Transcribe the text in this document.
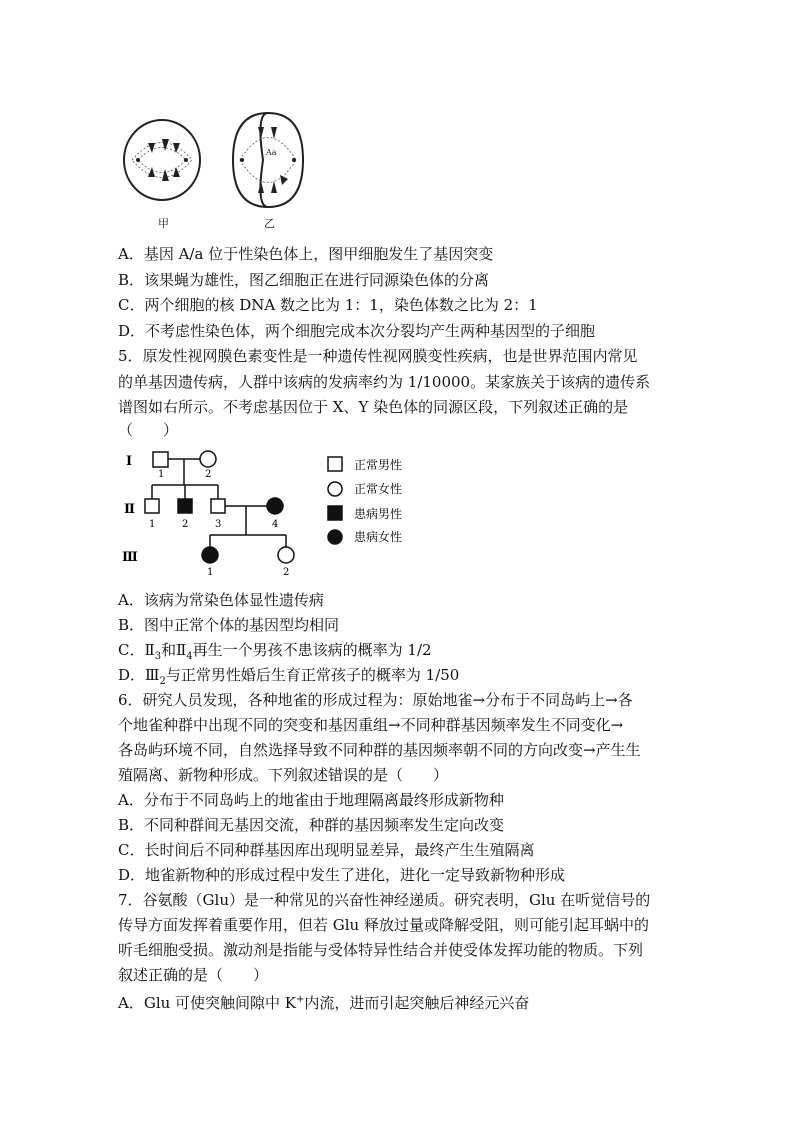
Aa
甲	乙
A．基因 A/a 位于性染色体上，图甲细胞发生了基因突变
B．该果蝇为雄性，图乙细胞正在进行同源染色体的分离
C．两个细胞的核 DNA 数之比为 1：1，染色体数之比为 2：1
D．不考虑性染色体，两个细胞完成本次分裂均产生两种基因型的子细胞
5．原发性视网膜色素变性是一种遗传性视网膜变性疾病，也是世界范围内常见
的单基因遗传病，人群中该病的发病率约为 1/10000。某家族关于该病的遗传系
谱图如右所示。不考虑基因位于 X、Y 染色体的同源区段，下列叙述正确的是
（　　）
Ⅰ
Ⅱ
Ⅲ
1	2
1	2	3	4
1	2
正常男性
正常女性
患病男性
患病女性
A．该病为常染色体显性遗传病
B．图中正常个体的基因型均相同
C．$Ⅱ_3$和$Ⅱ_4$再生一个男孩不患该病的概率为 1/2
D．$Ⅲ_2$与正常男性婚后生育正常孩子的概率为 1/50
6．研究人员发现，各种地雀的形成过程为：原始地雀→分布于不同岛屿上→各
个地雀种群中出现不同的突变和基因重组→不同种群基因频率发生不同变化→
各岛屿环境不同，自然选择导致不同种群的基因频率朝不同的方向改变→产生生
殖隔离、新物种形成。下列叙述错误的是（　　）
A．分布于不同岛屿上的地雀由于地理隔离最终形成新物种
B．不同种群间无基因交流，种群的基因频率发生定向改变
C．长时间后不同种群基因库出现明显差异，最终产生生殖隔离
D．地雀新物种的形成过程中发生了进化，进化一定导致新物种形成
7．谷氨酸（Glu）是一种常见的兴奋性神经递质。研究表明，Glu 在听觉信号的
传导方面发挥着重要作用，但若 Glu 释放过量或降解受阻，则可能引起耳蜗中的
听毛细胞受损。激动剂是指能与受体特异性结合并使受体发挥功能的物质。下列
叙述正确的是（　　）
A．Glu 可使突触间隙中 K+内流，进而引起突触后神经元兴奋
